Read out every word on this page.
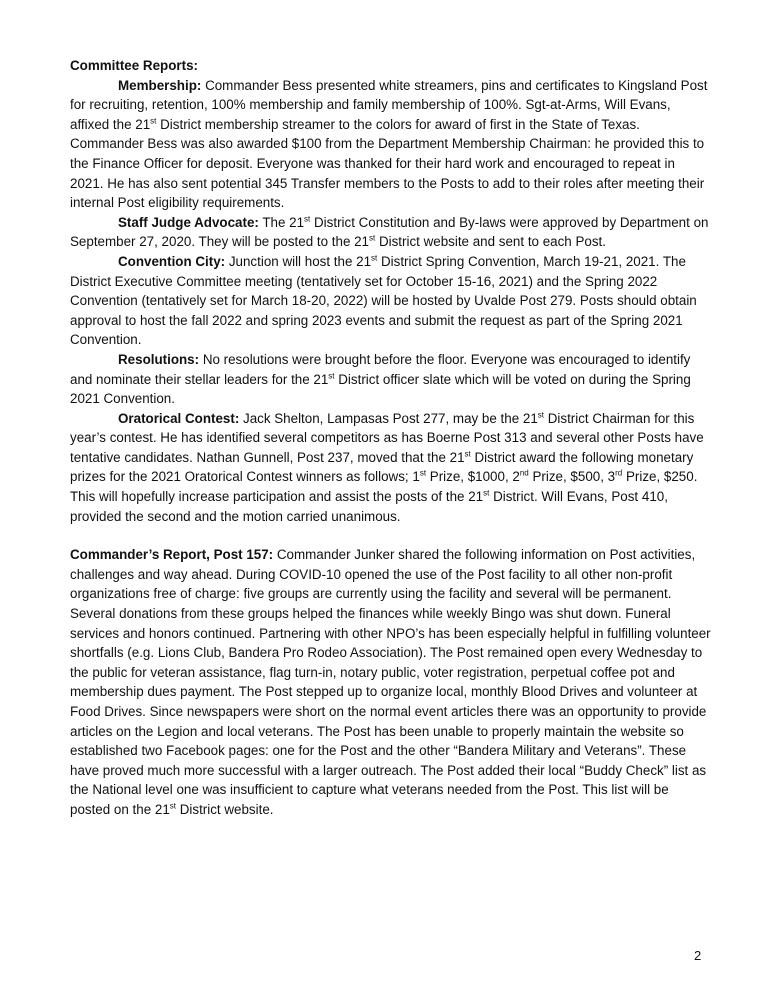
Committee Reports:

Membership: Commander Bess presented white streamers, pins and certificates to Kingsland Post for recruiting, retention, 100% membership and family membership of 100%. Sgt-at-Arms, Will Evans, affixed the 21st District membership streamer to the colors for award of first in the State of Texas. Commander Bess was also awarded $100 from the Department Membership Chairman: he provided this to the Finance Officer for deposit. Everyone was thanked for their hard work and encouraged to repeat in 2021. He has also sent potential 345 Transfer members to the Posts to add to their roles after meeting their internal Post eligibility requirements.

Staff Judge Advocate: The 21st District Constitution and By-laws were approved by Department on September 27, 2020. They will be posted to the 21st District website and sent to each Post.

Convention City: Junction will host the 21st District Spring Convention, March 19-21, 2021. The District Executive Committee meeting (tentatively set for October 15-16, 2021) and the Spring 2022 Convention (tentatively set for March 18-20, 2022) will be hosted by Uvalde Post 279. Posts should obtain approval to host the fall 2022 and spring 2023 events and submit the request as part of the Spring 2021 Convention.

Resolutions: No resolutions were brought before the floor. Everyone was encouraged to identify and nominate their stellar leaders for the 21st District officer slate which will be voted on during the Spring 2021 Convention.

Oratorical Contest: Jack Shelton, Lampasas Post 277, may be the 21st District Chairman for this year’s contest. He has identified several competitors as has Boerne Post 313 and several other Posts have tentative candidates. Nathan Gunnell, Post 237, moved that the 21st District award the following monetary prizes for the 2021 Oratorical Contest winners as follows; 1st Prize, $1000, 2nd Prize, $500, 3rd Prize, $250. This will hopefully increase participation and assist the posts of the 21st District. Will Evans, Post 410, provided the second and the motion carried unanimous.

Commander’s Report, Post 157: Commander Junker shared the following information on Post activities, challenges and way ahead. During COVID-10 opened the use of the Post facility to all other non-profit organizations free of charge: five groups are currently using the facility and several will be permanent. Several donations from these groups helped the finances while weekly Bingo was shut down. Funeral services and honors continued. Partnering with other NPO’s has been especially helpful in fulfilling volunteer shortfalls (e.g. Lions Club, Bandera Pro Rodeo Association). The Post remained open every Wednesday to the public for veteran assistance, flag turn-in, notary public, voter registration, perpetual coffee pot and membership dues payment. The Post stepped up to organize local, monthly Blood Drives and volunteer at Food Drives. Since newspapers were short on the normal event articles there was an opportunity to provide articles on the Legion and local veterans. The Post has been unable to properly maintain the website so established two Facebook pages: one for the Post and the other “Bandera Military and Veterans”. These have proved much more successful with a larger outreach. The Post added their local “Buddy Check” list as the National level one was insufficient to capture what veterans needed from the Post. This list will be posted on the 21st District website.

2
